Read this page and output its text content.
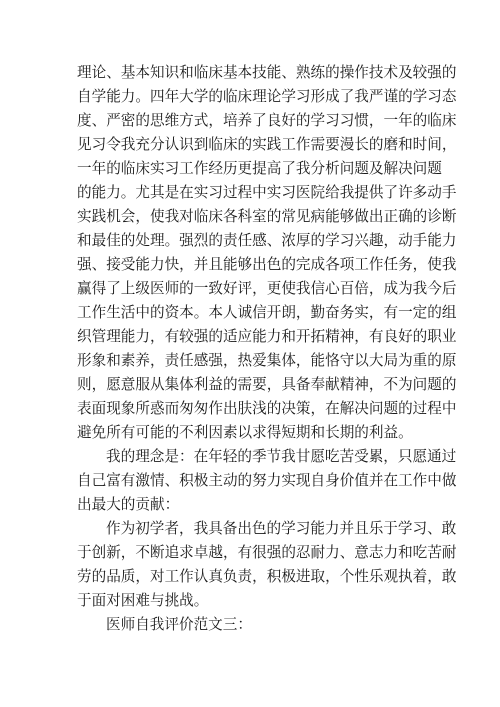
理论、基本知识和临床基本技能、熟练的操作技术及较强的
自学能力。四年大学的临床理论学习形成了我严谨的学习态
度、严密的思维方式，培养了良好的学习习惯，一年的临床
见习令我充分认识到临床的实践工作需要漫长的磨和时间，
一年的临床实习工作经历更提高了我分析问题及解决问题
的能力。尤其是在实习过程中实习医院给我提供了许多动手
实践机会，使我对临床各科室的常见病能够做出正确的诊断
和最佳的处理。强烈的责任感、浓厚的学习兴趣，动手能力
强、接受能力快，并且能够出色的完成各项工作任务，使我
赢得了上级医师的一致好评，更使我信心百倍，成为我今后
工作生活中的资本。本人诚信开朗，勤奋务实，有一定的组
织管理能力，有较强的适应能力和开拓精神，有良好的职业
形象和素养，责任感强，热爱集体，能恪守以大局为重的原
则，愿意服从集体利益的需要，具备奉献精神，不为问题的
表面现象所惑而匆匆作出肤浅的决策，在解决问题的过程中
避免所有可能的不利因素以求得短期和长期的利益。
我的理念是：在年轻的季节我甘愿吃苦受累，只愿通过
自己富有激情、积极主动的努力实现自身价值并在工作中做
出最大的贡献：
作为初学者，我具备出色的学习能力并且乐于学习、敢
于创新，不断追求卓越，有很强的忍耐力、意志力和吃苦耐
劳的品质，对工作认真负责，积极进取，个性乐观执着，敢
于面对困难与挑战。
医师自我评价范文三：
